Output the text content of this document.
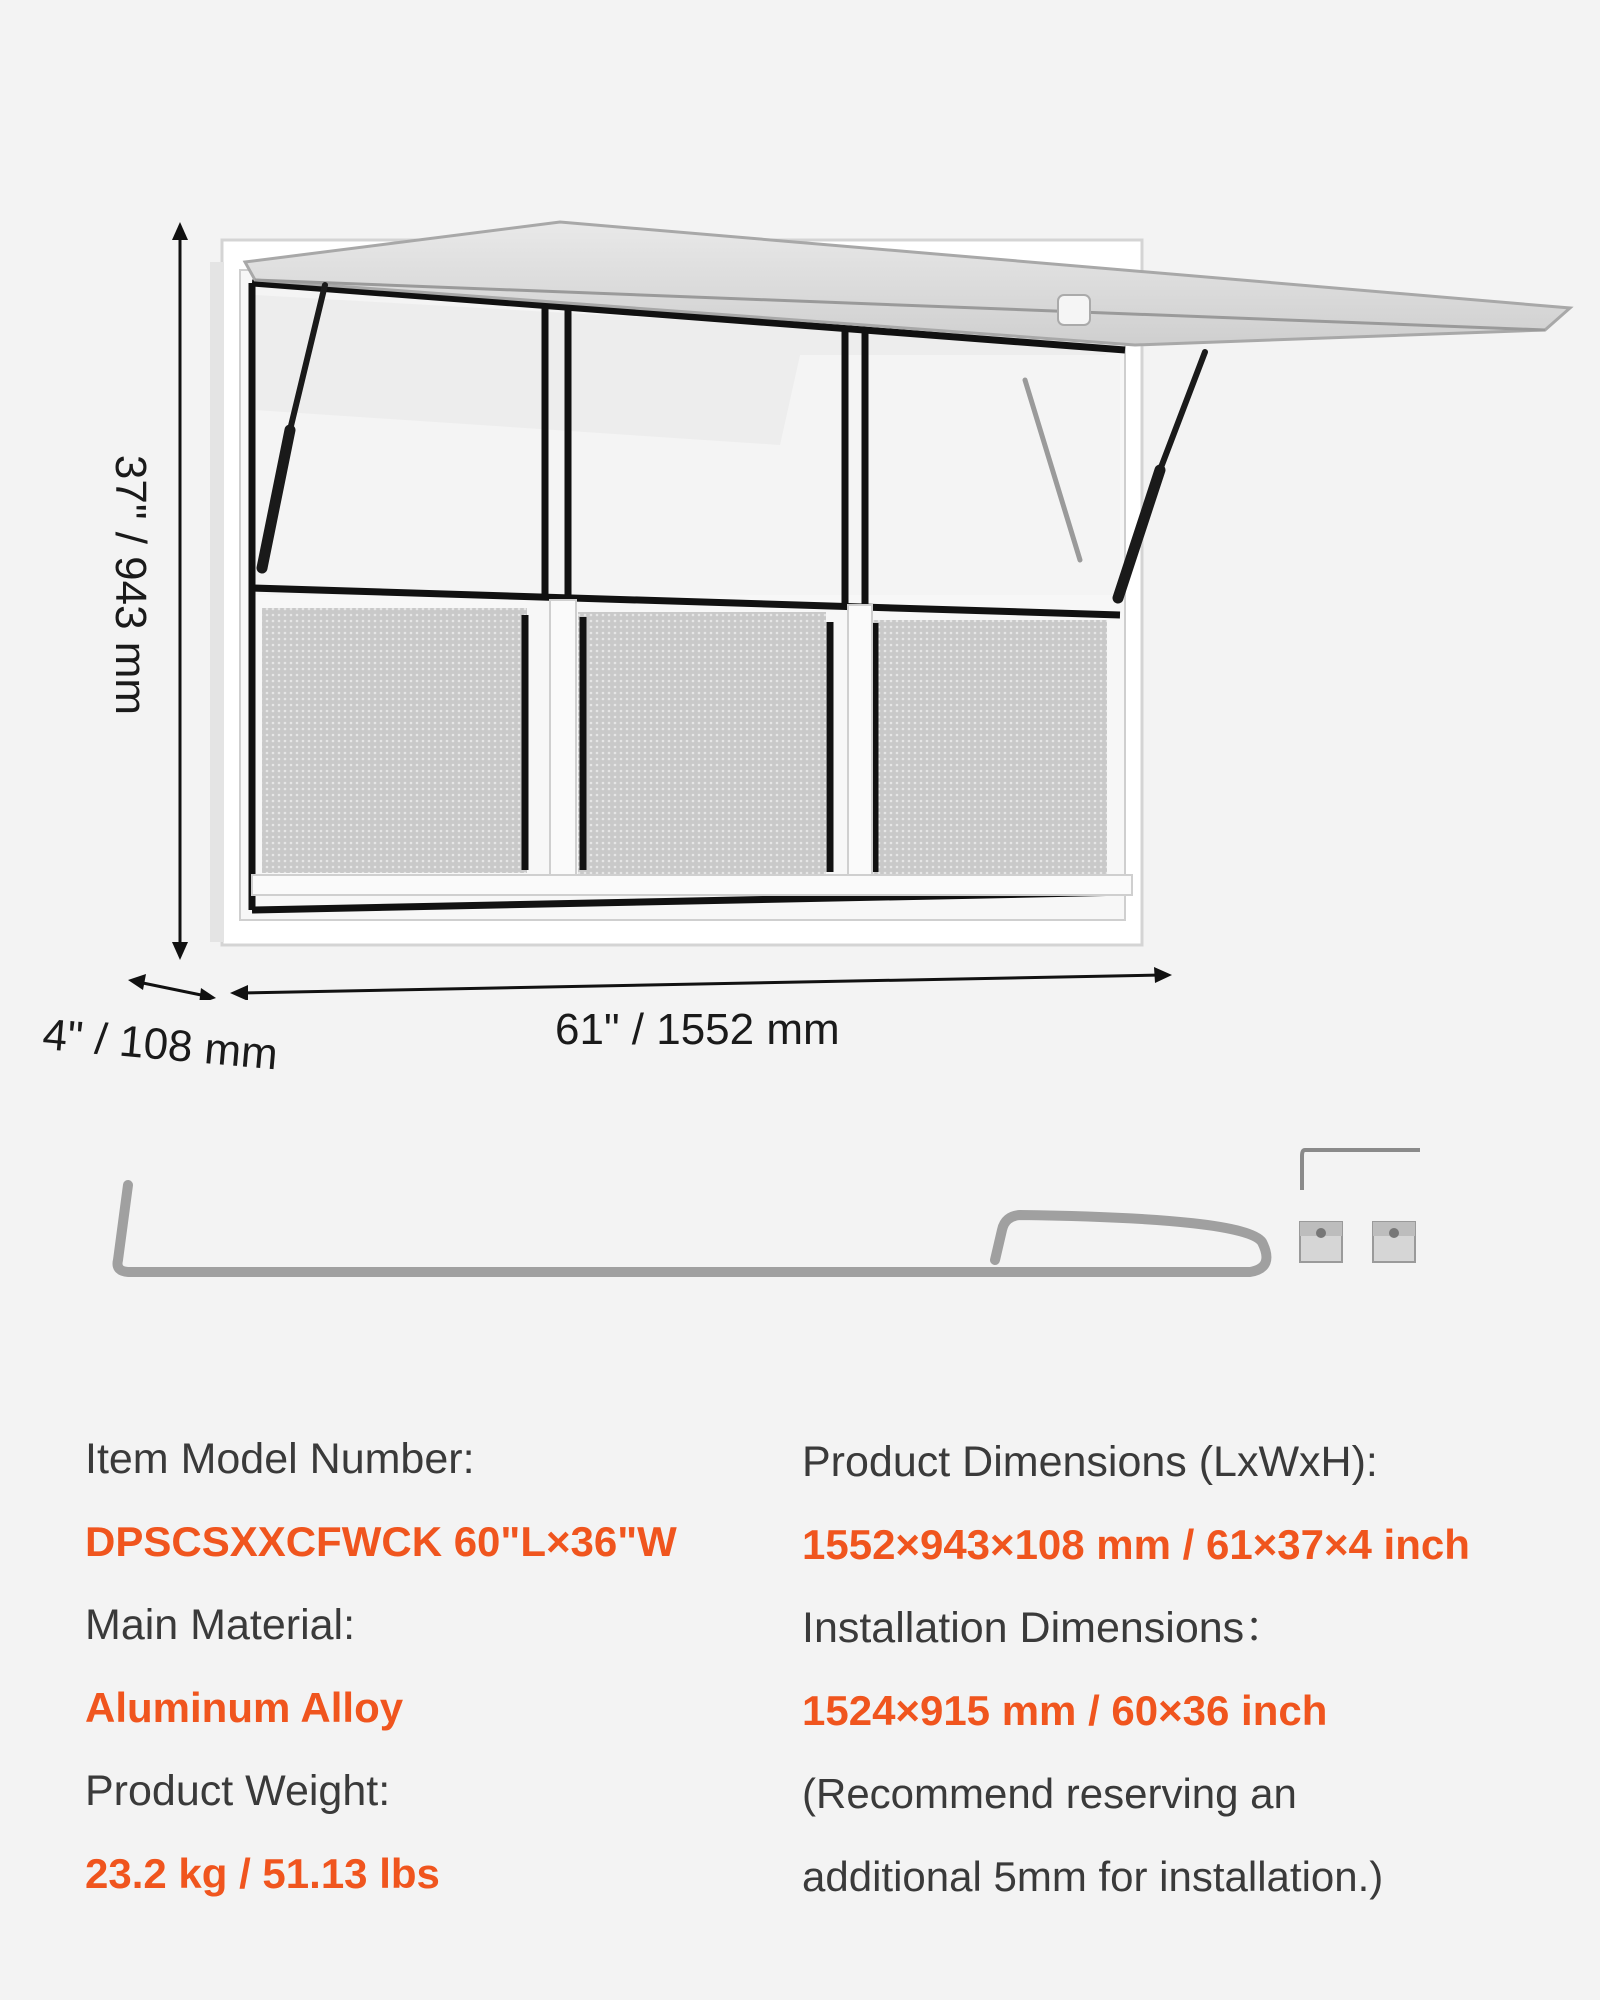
37" / 943 mm
4" / 108 mm	61" / 1552 mm
Item Model Number:
DPSCSXXCFWCK 60"L×36"W
Main Material:
Aluminum Alloy
Product Weight:
23.2 kg / 51.13 lbs
Product Dimensions (LxWxH):
1552×943×108 mm / 61×37×4 inch
Installation Dimensions：
1524×915 mm / 60×36 inch
(Recommend reserving an
additional 5mm for installation.)
